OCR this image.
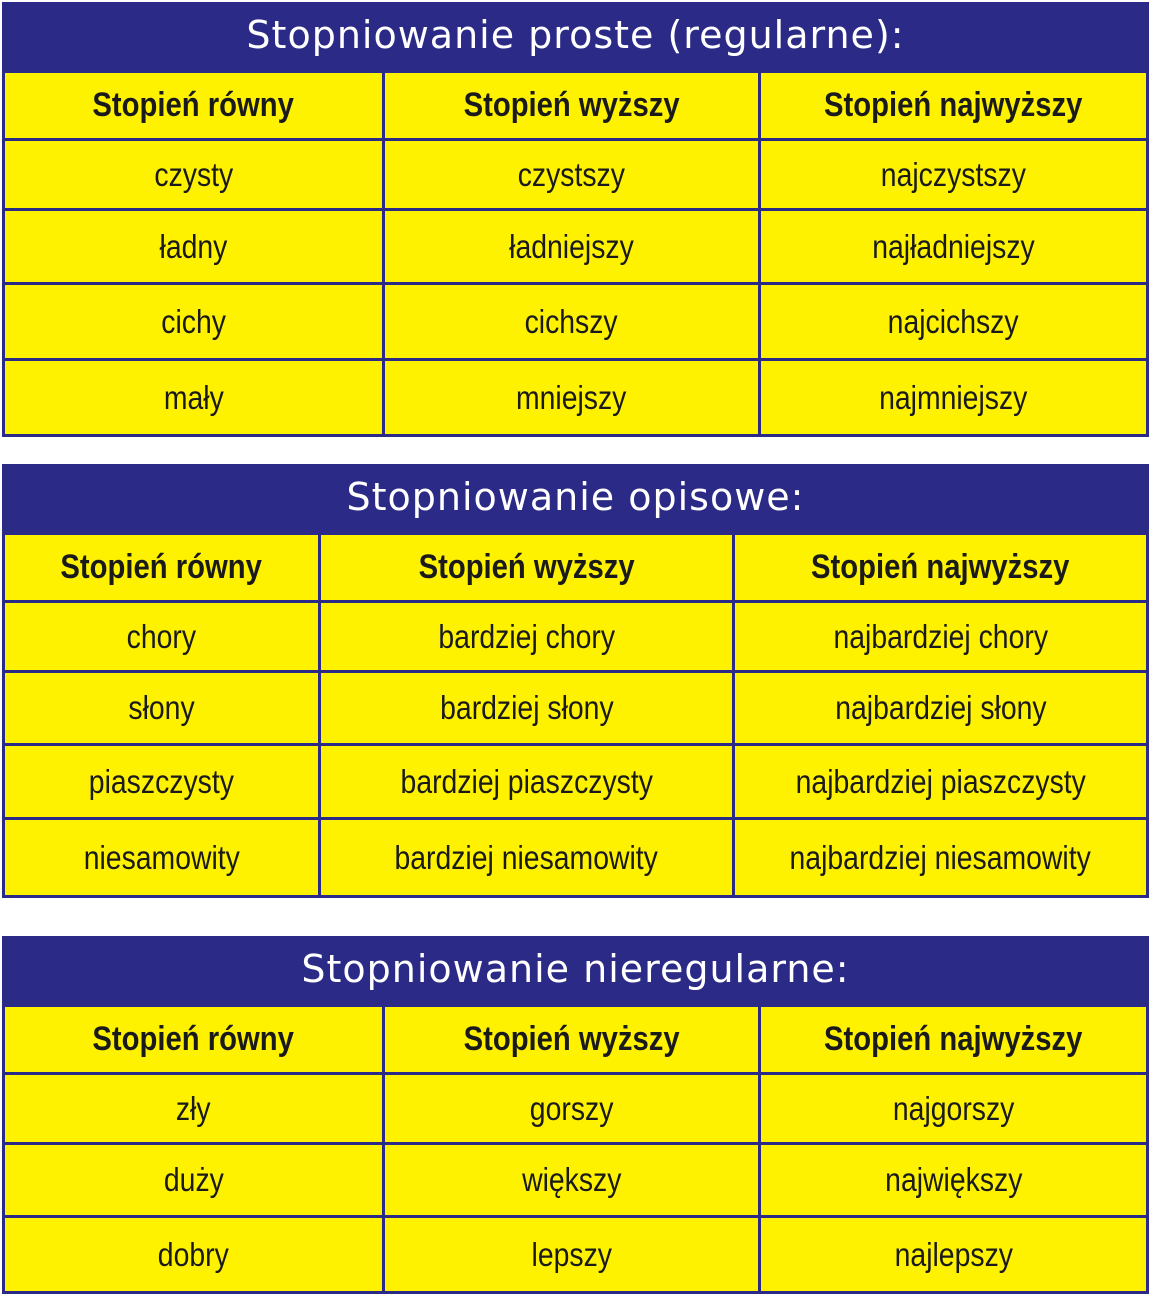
Stopniowanie proste (regularne):
Stopień równy	Stopień wyższy	Stopień najwyższy
czysty	czystszy	najczystszy
ładny	ładniejszy	najładniejszy
cichy	cichszy	najcichszy
mały	mniejszy	najmniejszy
Stopniowanie opisowe:
Stopień równy	Stopień wyższy	Stopień najwyższy
chory	bardziej chory	najbardziej chory
słony	bardziej słony	najbardziej słony
piaszczysty	bardziej piaszczysty	najbardziej piaszczysty
niesamowity	bardziej niesamowity	najbardziej niesamowity
Stopniowanie nieregularne:
Stopień równy	Stopień wyższy	Stopień najwyższy
zły	gorszy	najgorszy
duży	większy	największy
dobry	lepszy	najlepszy
